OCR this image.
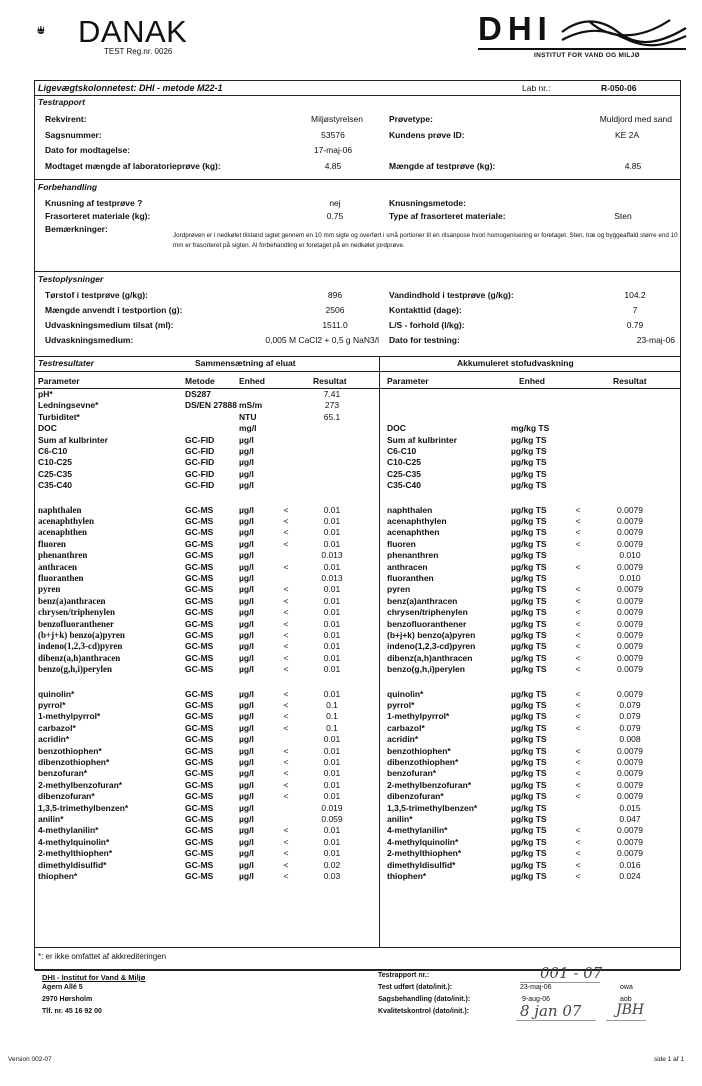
DANAK
TEST Reg.nr. 0026
DHI
INSTITUT FOR VAND OG MILJØ
Ligevægtskolonnetest: DHI - metode M22-1	Lab nr.:	R-050-06
Testrapport
Rekvirent:	Miljøstyrelsen	Prøvetype:	Muldjord med sand
Sagsnummer:	53576	Kundens prøve ID:	KE 2A
Dato for modtagelse:	17-maj-06
Modtaget mængde af laboratorieprøve (kg):	4.85	Mængde af testprøve (kg):	4.85
Forbehandling
Knusning af testprøve ?	nej	Knusningsmetode:
Frasorteret materiale (kg):	0.75	Type af frasorteret materiale:	Sten
Bemærkninger:
Jordprøven er i nedkølet tilstand sigtet gennem en 10 mm sigte og overført i små portioner til en rilsanpose hvori homogenisering er foretaget. Sten, træ og byggeaffald større end 10 mm er frasorteret på sigten. Al forbehandling er foretaget på en nedkølet jordprøve.
Testoplysninger
Tørstof i testprøve (g/kg):	896	Vandindhold i testprøve (g/kg):	104.2
Mængde anvendt i testportion (g):	2506	Kontakttid (dage):	7
Udvaskningsmedium tilsat (ml):	1511.0	L/S - forhold (l/kg):	0.79
Udvaskningsmedium:	0,005 M CaCl2 + 0,5 g NaN3/l Dato for testning:	23-maj-06
Testresultater	Sammensætning af eluat	Akkumuleret stofudvaskning
Parameter	Metode	Enhed	Resultat	Parameter	Enhed	Resultat
pH*	DS287	7.41
Ledningsevne*	DS/EN 27888 mS/m	273
Turbiditet*	NTU	65.1
DOC	mg/l	DOC	mg/kg TS
Sum af kulbrinter	GC-FID	µg/l	Sum af kulbrinter	µg/kg TS
C6-C10	GC-FID	µg/l	C6-C10	µg/kg TS
C10-C25	GC-FID	µg/l	C10-C25	µg/kg TS
C25-C35	GC-FID	µg/l	C25-C35	µg/kg TS
C35-C40	GC-FID	µg/l	C35-C40	µg/kg TS
naphthalen	GC-MS	µg/l	<	0.01	naphthalen	µg/kg TS	<	0.0079
acenaphthylen	GC-MS	µg/l	<	0.01	acenaphthylen	µg/kg TS	<	0.0079
acenaphthen	GC-MS	µg/l	<	0.01	acenaphthen	µg/kg TS	<	0.0079
fluoren	GC-MS	µg/l	<	0.01	fluoren	µg/kg TS	<	0.0079
phenanthren	GC-MS	µg/l	0.013	phenanthren	µg/kg TS	0.010
anthracen	GC-MS	µg/l	<	0.01	anthracen	µg/kg TS	<	0.0079
fluoranthen	GC-MS	µg/l	0.013	fluoranthen	µg/kg TS	0.010
pyren	GC-MS	µg/l	<	0.01	pyren	µg/kg TS	<	0.0079
benz(a)anthracen	GC-MS	µg/l	<	0.01	benz(a)anthracen	µg/kg TS	<	0.0079
chrysen/triphenylen	GC-MS	µg/l	<	0.01	chrysen/triphenylen	µg/kg TS	<	0.0079
benzofluoranthener	GC-MS	µg/l	<	0.01	benzofluoranthener	µg/kg TS	<	0.0079
(b+j+k) benzo(a)pyren	GC-MS	µg/l	<	0.01	(b+j+k) benzo(a)pyren	µg/kg TS	<	0.0079
indeno(1,2,3-cd)pyren	GC-MS	µg/l	<	0.01	indeno(1,2,3-cd)pyren	µg/kg TS	<	0.0079
dibenz(a,h)anthracen	GC-MS	µg/l	<	0.01	dibenz(a,h)anthracen	µg/kg TS	<	0.0079
benzo(g,h,i)perylen	GC-MS	µg/l	<	0.01	benzo(g,h,i)perylen	µg/kg TS	<	0.0079
quinolin*	GC-MS	µg/l	<	0.01	quinolin*	µg/kg TS	<	0.0079
pyrrol*	GC-MS	µg/l	<	0.1	pyrrol*	µg/kg TS	<	0.079
1-methylpyrrol*	GC-MS	µg/l	<	0.1	1-methylpyrrol*	µg/kg TS	<	0.079
carbazol*	GC-MS	µg/l	<	0.1	carbazol*	µg/kg TS	<	0.079
acridin*	GC-MS	µg/l	0.01	acridin*	µg/kg TS	0.008
benzothiophen*	GC-MS	µg/l	<	0.01	benzothiophen*	µg/kg TS	<	0.0079
dibenzothiophen*	GC-MS	µg/l	<	0.01	dibenzothiophen*	µg/kg TS	<	0.0079
benzofuran*	GC-MS	µg/l	<	0.01	benzofuran*	µg/kg TS	<	0.0079
2-methylbenzofuran*	GC-MS	µg/l	<	0.01	2-methylbenzofuran*	µg/kg TS	<	0.0079
dibenzofuran*	GC-MS	µg/l	<	0.01	dibenzofuran*	µg/kg TS	<	0.0079
1,3,5-trimethylbenzen*	GC-MS	µg/l	0.019	1,3,5-trimethylbenzen*	µg/kg TS	0.015
anilin*	GC-MS	µg/l	0.059	anilin*	µg/kg TS	0.047
4-methylanilin*	GC-MS	µg/l	<	0.01	4-methylanilin*	µg/kg TS	<	0.0079
4-methylquinolin*	GC-MS	µg/l	<	0.01	4-methylquinolin*	µg/kg TS	<	0.0079
2-methylthiophen*	GC-MS	µg/l	<	0.01	2-methylthiophen*	µg/kg TS	<	0.0079
dimethyldisulfid*	GC-MS	µg/l	<	0.02	dimethyldisulfid*	µg/kg TS	<	0.016
thiophen*	GC-MS	µg/l	<	0.03	thiophen*	µg/kg TS	<	0.024
*: er ikke omfattet af akkrediteringen
DHI - Institut for Vand & Miljø
Agern Allé 5
2970 Hørsholm
Tlf. nr. 45 16 92 00
Testrapport nr.:	001 - 07
Test udført (dato/init.):	23-maj-06	owa
Sagsbehandling (dato/init.):	9-aug-06	aob
Kvalitetskontrol (dato/init.):	8 jan 07 JBH
Version 002-07	side 1 af 1
